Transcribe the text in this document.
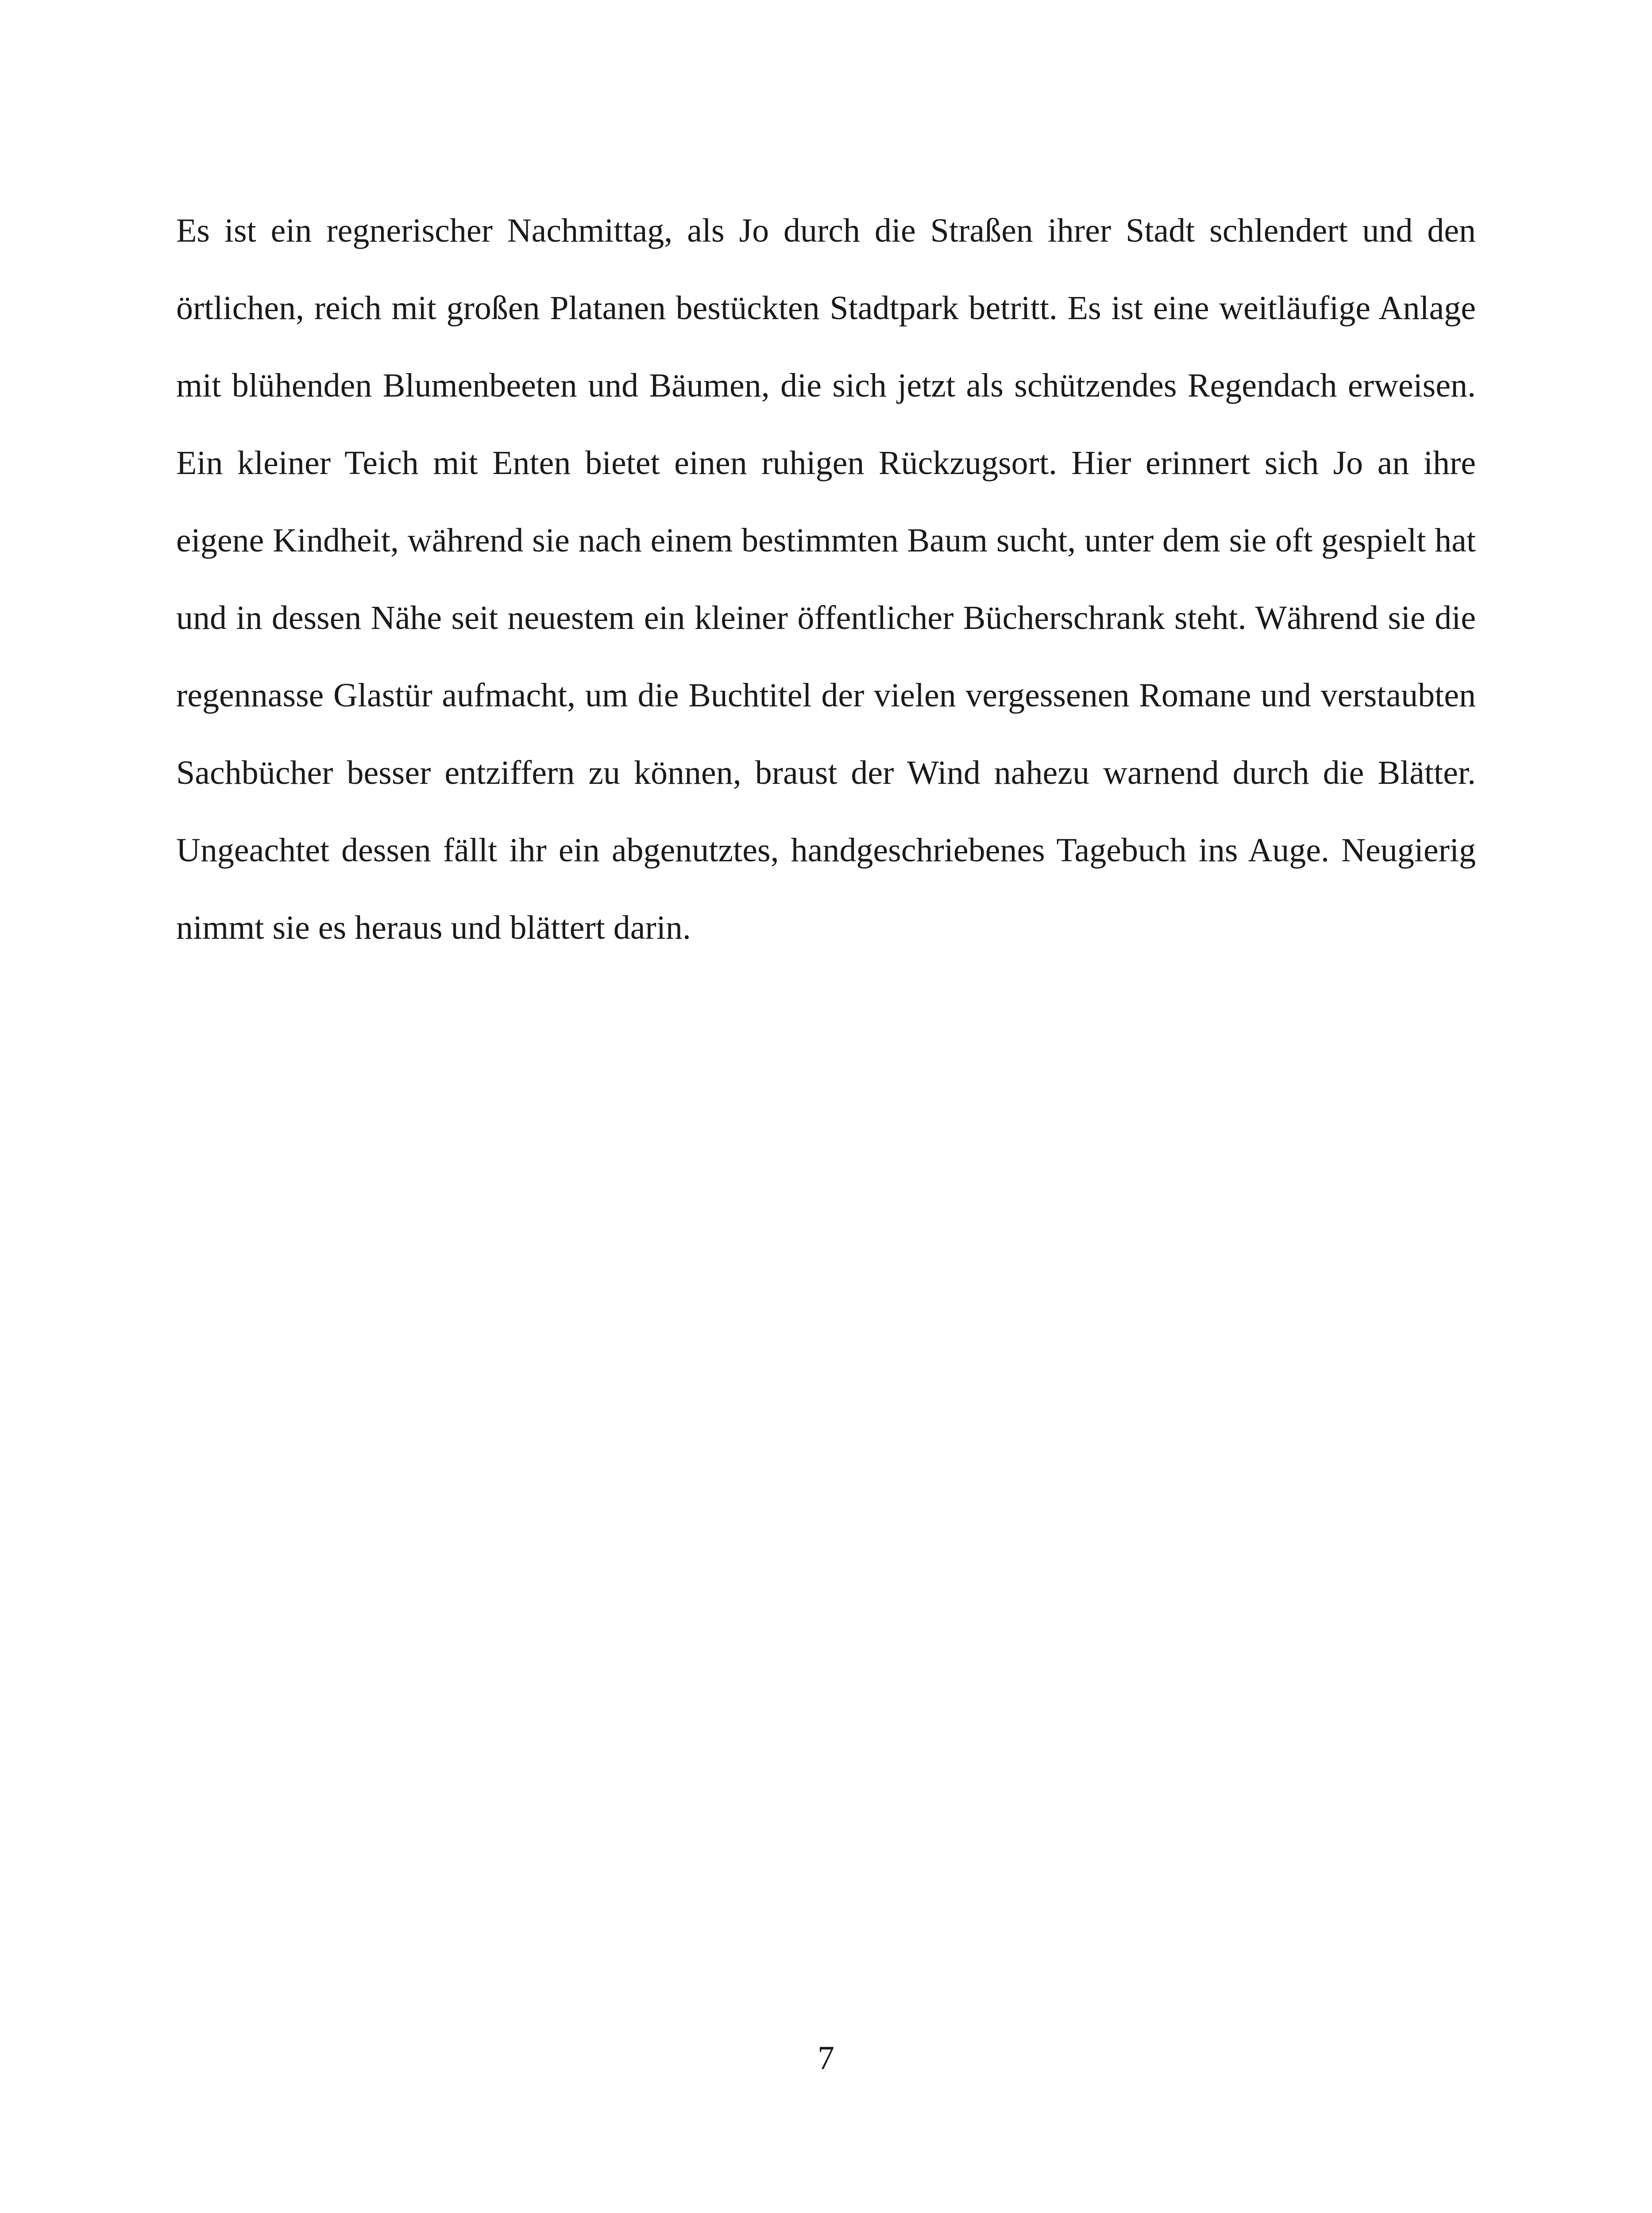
Es ist ein regnerischer Nachmittag, als Jo durch die Straßen ihrer Stadt schlendert und den
örtlichen, reich mit großen Platanen bestückten Stadtpark betritt. Es ist eine weitläufige Anlage
mit blühenden Blumenbeeten und Bäumen, die sich jetzt als schützendes Regendach erweisen.
Ein kleiner Teich mit Enten bietet einen ruhigen Rückzugsort. Hier erinnert sich Jo an ihre
eigene Kindheit, während sie nach einem bestimmten Baum sucht, unter dem sie oft gespielt hat
und in dessen Nähe seit neuestem ein kleiner öffentlicher Bücherschrank steht. Während sie die
regennasse Glastür aufmacht, um die Buchtitel der vielen vergessenen Romane und verstaubten
Sachbücher besser entziffern zu können, braust der Wind nahezu warnend durch die Blätter.
Ungeachtet dessen fällt ihr ein abgenutztes, handgeschriebenes Tagebuch ins Auge. Neugierig
nimmt sie es heraus und blättert darin.
7
